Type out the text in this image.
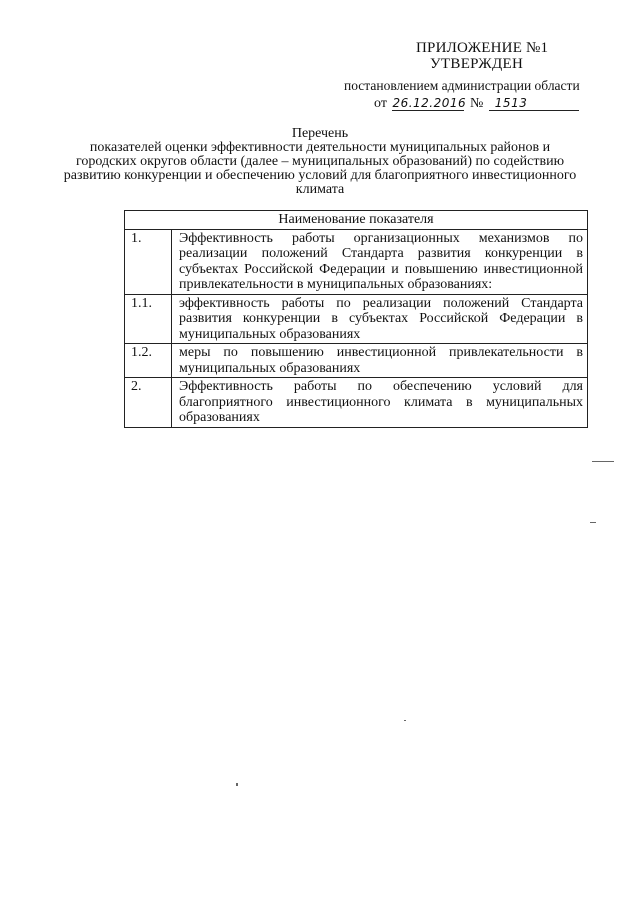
ПРИЛОЖЕНИЕ №1
УТВЕРЖДЕН
постановлением администрации области
от 26.12.2016 № 1513
Перечень
показателей оценки эффективности деятельности муниципальных районов и городских округов области (далее – муниципальных образований) по содействию развитию конкуренции и обеспечению условий для благоприятного инвестиционного климата
Наименование показателя	
1.	Эффективность работы организационных механизмов по реализации положений Стандарта развития конкуренции в субъектах Российской Федерации и повышению инвестиционной привлекательности в муниципальных образованиях:
1.1.	эффективность работы по реализации положений Стандарта развития конкуренции в субъектах Российской Федерации в муниципальных образованиях
1.2.	меры по повышению инвестиционной привлекательности в муниципальных образованиях
2.	Эффективность работы по обеспечению условий для благоприятного инвестиционного климата в муниципальных образованиях
